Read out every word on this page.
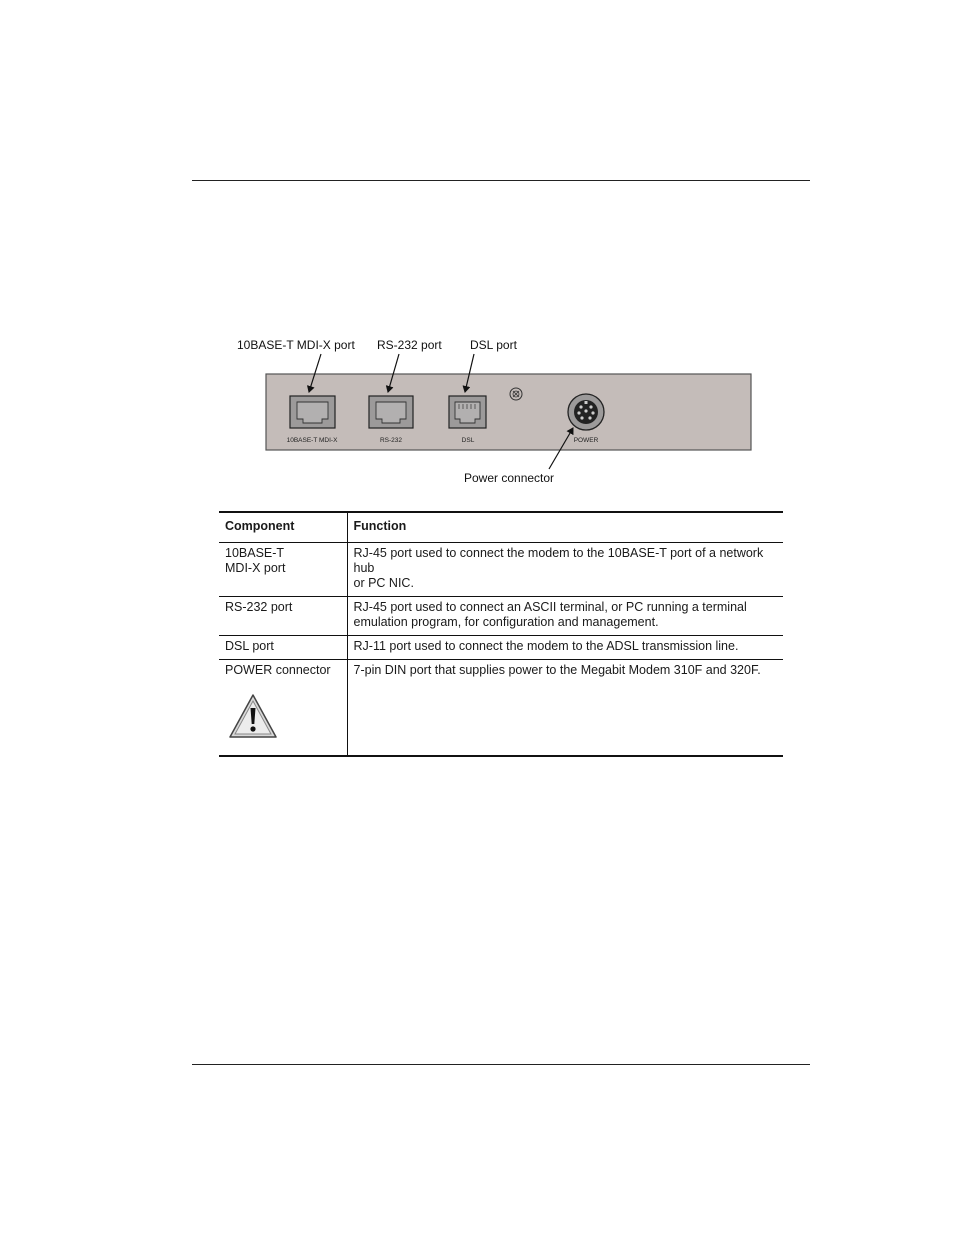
10BASE-T MDI-X	RS-232	DSL	POWER
10BASE-T MDI-X port RS-232 port DSL port
Power connector
Component	Function

10BASE-T
MDI-X port	RJ-45 port used to connect the modem to the 10BASE-T port of a network hub
or PC NIC.

RS-232 port	RJ-45 port used to connect an ASCII terminal, or PC running a terminal
emulation program, for configuration and management.

DSL port	RJ-11 port used to connect the modem to the ADSL transmission line.

POWER connector	7-pin DIN port that supplies power to the Megabit Modem 310F and 320F.
